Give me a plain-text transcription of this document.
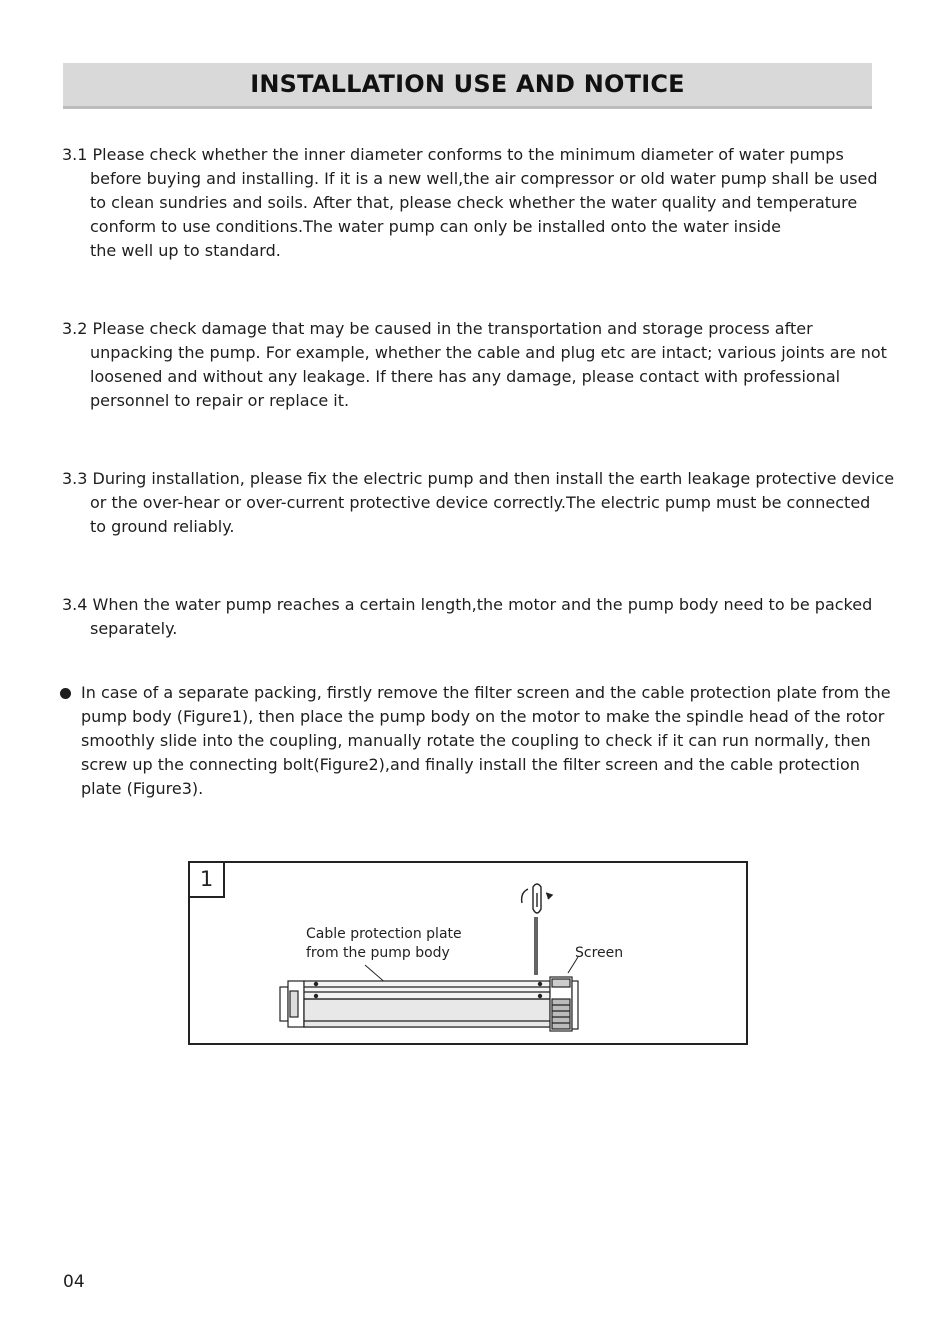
INSTALLATION USE AND NOTICE
3.1 Please check whether the inner diameter conforms to the minimum diameter of water pumps
before buying and installing. If it is a new well,the air compressor or old water pump shall be used
to clean sundries and soils. After that, please check whether the water quality and temperature
conform to use conditions.The water pump can only be installed onto the water inside
the well up to standard.
3.2 Please check damage that may be caused in the transportation and storage process after
unpacking the pump. For example, whether the cable and plug etc are intact; various joints are not
loosened and without any leakage. If there has any damage, please contact with professional
personnel to repair or replace it.
3.3 During installation, please fix the electric pump and then install the earth leakage protective device
or the over-hear or over-current protective device correctly.The electric pump must be connected
to ground reliably.
3.4 When the water pump reaches a certain length,the motor and the pump body need to be packed
separately.
In case of a separate packing, firstly remove the filter screen and the cable protection plate from the
pump body (Figure1), then place the pump body on the motor to make the spindle head of the rotor
smoothly slide into the coupling, manually rotate the coupling to check if it can run normally, then
screw up the connecting bolt(Figure2),and finally install the filter screen and the cable protection
plate (Figure3).
1
Cable protection plate
from the pump body	Screen
04
